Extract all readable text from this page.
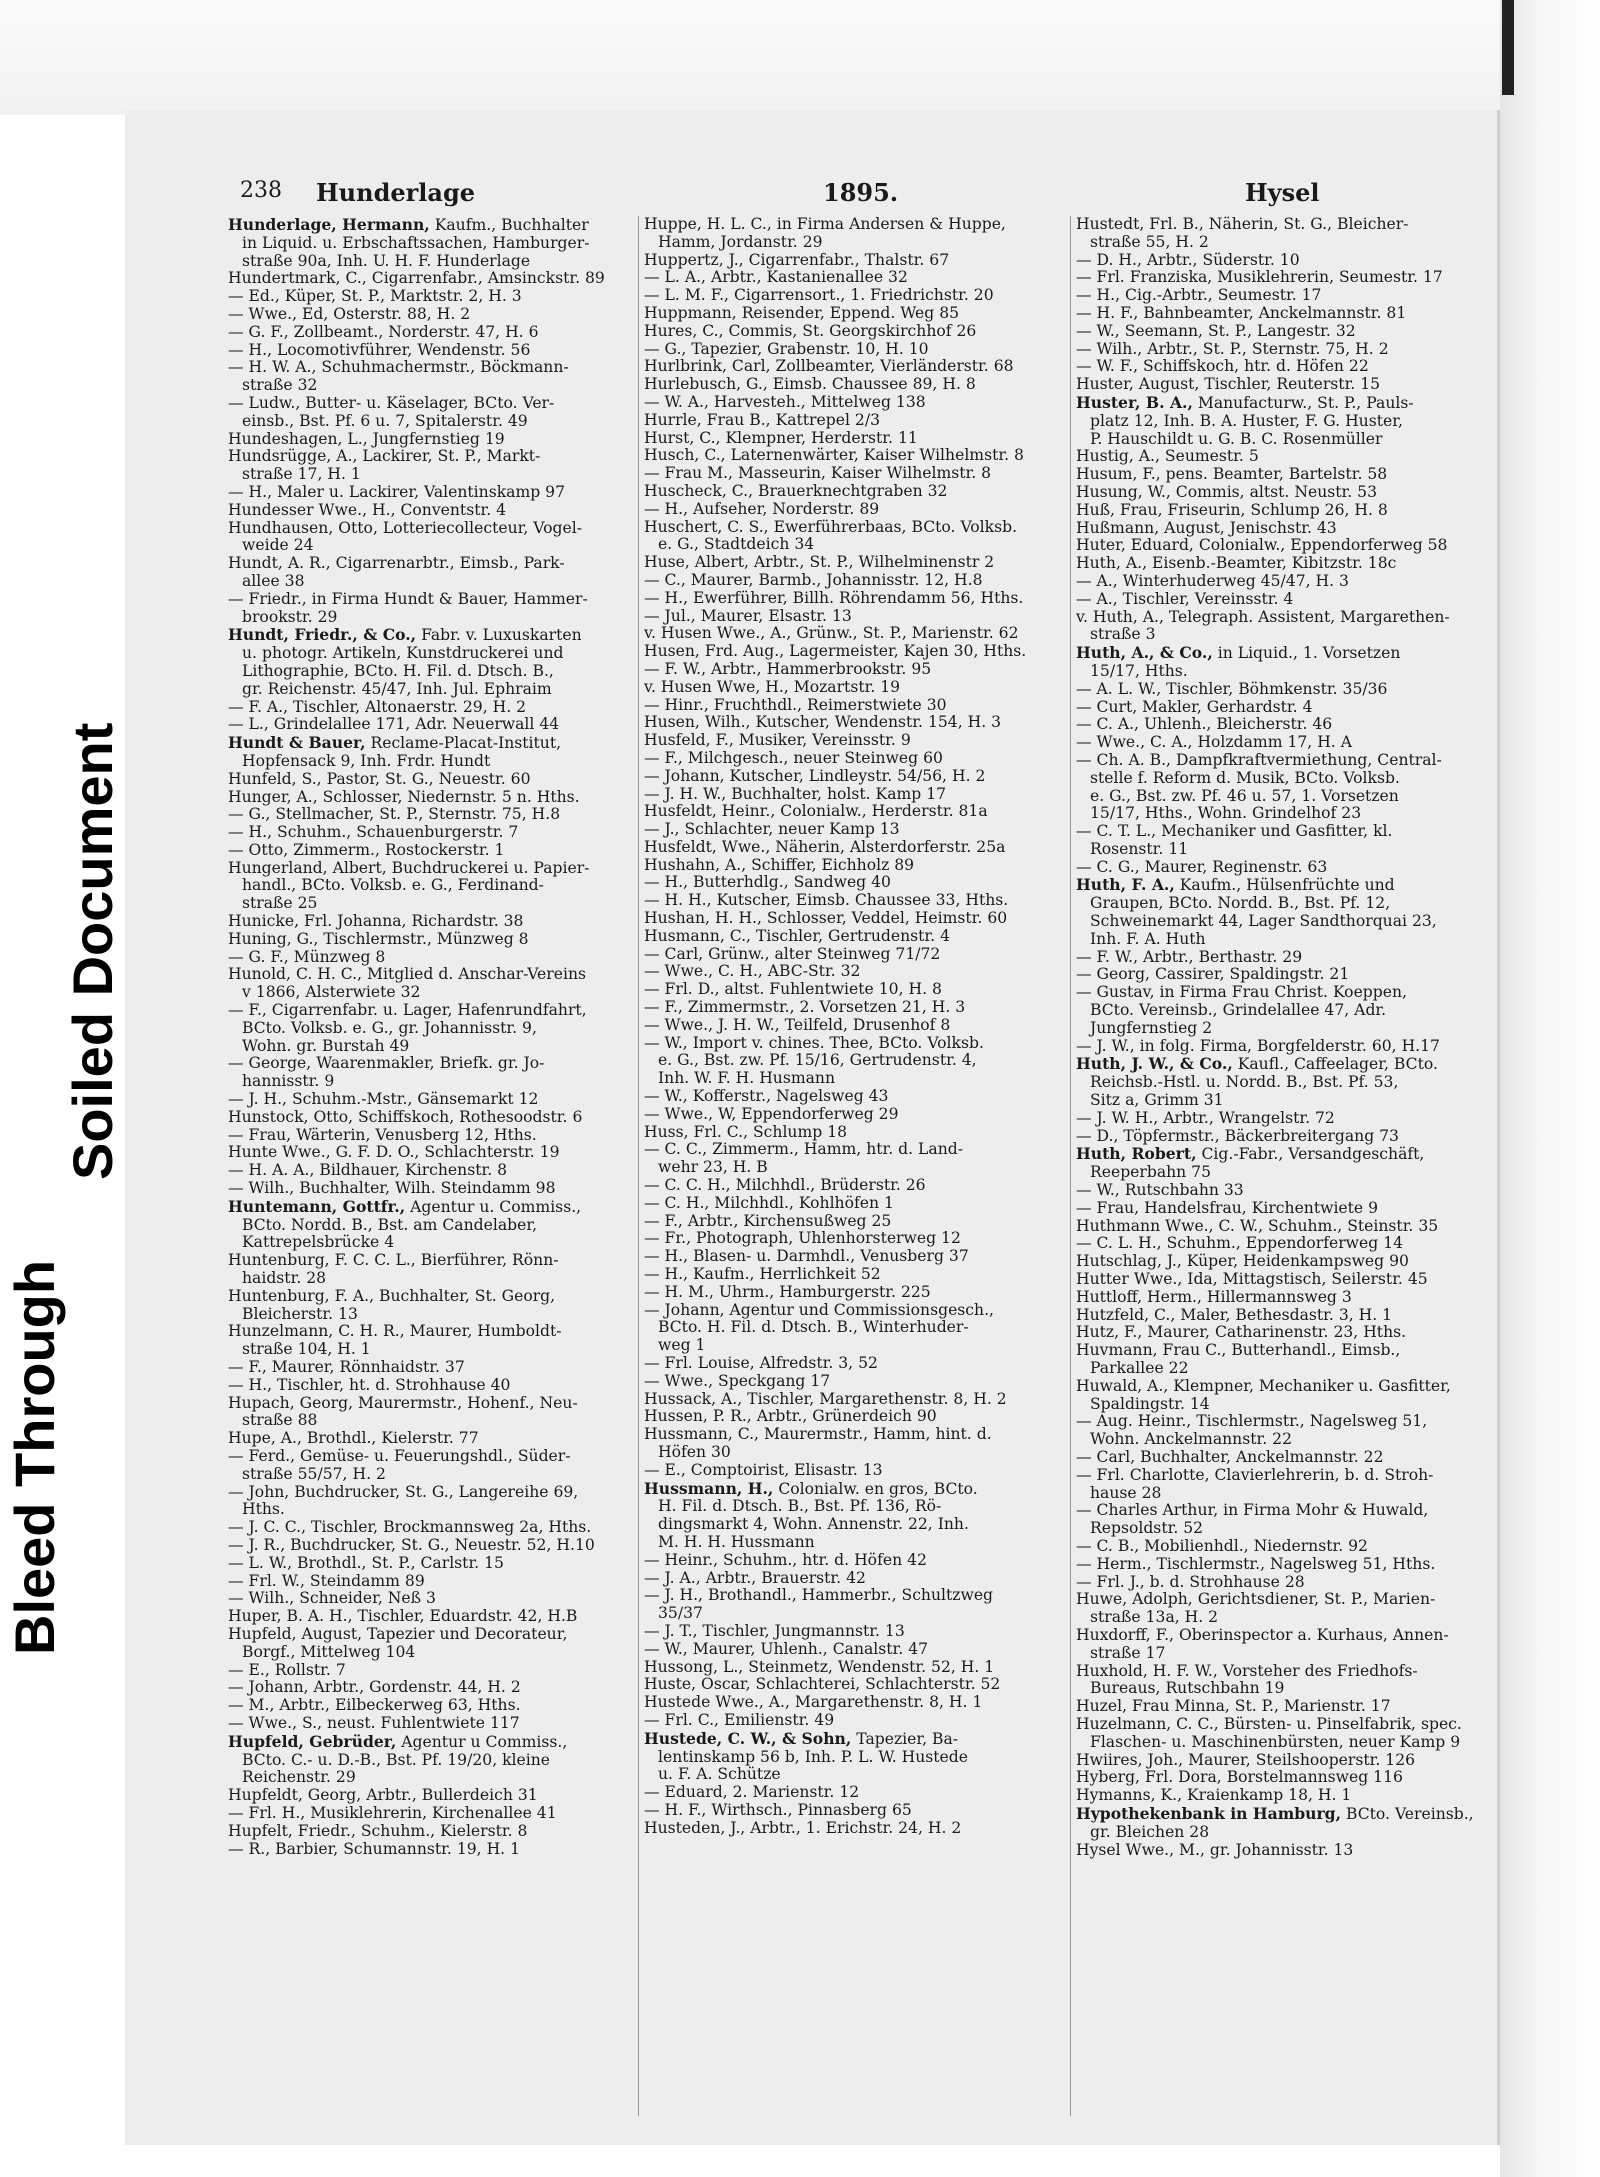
Bleed Through
Soiled Document
238 Hunderlage	1895.	Hysel

Hunderlage, Hermann, Kaufm., Buchhalter

in Liquid. u. Erbschaftssachen, Hamburger-

straße 90a, Inh. U. H. F. Hunderlage

Hundertmark, C., Cigarrenfabr., Amsinckstr. 89

— Ed., Küper, St. P., Marktstr. 2, H. 3

— Wwe., Ed, Osterstr. 88, H. 2

— G. F., Zollbeamt., Norderstr. 47, H. 6

— H., Locomotivführer, Wendenstr. 56

— H. W. A., Schuhmachermstr., Böckmann-

straße 32

— Ludw., Butter- u. Käselager, BCto. Ver-

einsb., Bst. Pf. 6 u. 7, Spitalerstr. 49

Hundeshagen, L., Jungfernstieg 19

Hundsrügge, A., Lackirer, St. P., Markt-

straße 17, H. 1

— H., Maler u. Lackirer, Valentinskamp 97

Hundesser Wwe., H., Conventstr. 4

Hundhausen, Otto, Lotteriecollecteur, Vogel-

weide 24

Hundt, A. R., Cigarrenarbtr., Eimsb., Park-

allee 38

— Friedr., in Firma Hundt & Bauer, Hammer-

brookstr. 29

Hundt, Friedr., & Co., Fabr. v. Luxuskarten

u. photogr. Artikeln, Kunstdruckerei und

Lithographie, BCto. H. Fil. d. Dtsch. B.,

gr. Reichenstr. 45/47, Inh. Jul. Ephraim

— F. A., Tischler, Altonaerstr. 29, H. 2

— L., Grindelallee 171, Adr. Neuerwall 44

Hundt & Bauer, Reclame-Placat-Institut,

Hopfensack 9, Inh. Frdr. Hundt

Hunfeld, S., Pastor, St. G., Neuestr. 60

Hunger, A., Schlosser, Niedernstr. 5 n. Hths.

— G., Stellmacher, St. P., Sternstr. 75, H.8

— H., Schuhm., Schauenburgerstr. 7

— Otto, Zimmerm., Rostockerstr. 1

Hungerland, Albert, Buchdruckerei u. Papier-

handl., BCto. Volksb. e. G., Ferdinand-

straße 25

Hunicke, Frl. Johanna, Richardstr. 38

Huning, G., Tischlermstr., Münzweg 8

— G. F., Münzweg 8

Hunold, C. H. C., Mitglied d. Anschar-Vereins

v 1866, Alsterwiete 32

— F., Cigarrenfabr. u. Lager, Hafenrundfahrt,

BCto. Volksb. e. G., gr. Johannisstr. 9,

Wohn. gr. Burstah 49

— George, Waarenmakler, Briefk. gr. Jo-

hannisstr. 9

— J. H., Schuhm.-Mstr., Gänsemarkt 12

Hunstock, Otto, Schiffskoch, Rothesoodstr. 6

— Frau, Wärterin, Venusberg 12, Hths.

Hunte Wwe., G. F. D. O., Schlachterstr. 19

— H. A. A., Bildhauer, Kirchenstr. 8

— Wilh., Buchhalter, Wilh. Steindamm 98

Huntemann, Gottfr., Agentur u. Commiss.,

BCto. Nordd. B., Bst. am Candelaber,

Kattrepelsbrücke 4

Huntenburg, F. C. C. L., Bierführer, Rönn-

haidstr. 28

Huntenburg, F. A., Buchhalter, St. Georg,

Bleicherstr. 13

Hunzelmann, C. H. R., Maurer, Humboldt-

straße 104, H. 1

— F., Maurer, Rönnhaidstr. 37

— H., Tischler, ht. d. Strohhause 40

Hupach, Georg, Maurermstr., Hohenf., Neu-

straße 88

Hupe, A., Brothdl., Kielerstr. 77

— Ferd., Gemüse- u. Feuerungshdl., Süder-

straße 55/57, H. 2

— John, Buchdrucker, St. G., Langereihe 69,

Hths.

— J. C. C., Tischler, Brockmannsweg 2a, Hths.

— J. R., Buchdrucker, St. G., Neuestr. 52, H.10

— L. W., Brothdl., St. P., Carlstr. 15

— Frl. W., Steindamm 89

— Wilh., Schneider, Neß 3

Huper, B. A. H., Tischler, Eduardstr. 42, H.B

Hupfeld, August, Tapezier und Decorateur,

Borgf., Mittelweg 104

— E., Rollstr. 7

— Johann, Arbtr., Gordenstr. 44, H. 2

— M., Arbtr., Eilbeckerweg 63, Hths.

— Wwe., S., neust. Fuhlentwiete 117

Hupfeld, Gebrüder, Agentur u Commiss.,

BCto. C.- u. D.-B., Bst. Pf. 19/20, kleine

Reichenstr. 29

Hupfeldt, Georg, Arbtr., Bullerdeich 31

— Frl. H., Musiklehrerin, Kirchenallee 41

Hupfelt, Friedr., Schuhm., Kielerstr. 8

— R., Barbier, Schumannstr. 19, H. 1

Huppe, H. L. C., in Firma Andersen & Huppe,

Hamm, Jordanstr. 29

Huppertz, J., Cigarrenfabr., Thalstr. 67

— L. A., Arbtr., Kastanienallee 32

— L. M. F., Cigarrensort., 1. Friedrichstr. 20

Huppmann, Reisender, Eppend. Weg 85

Hures, C., Commis, St. Georgskirchhof 26

— G., Tapezier, Grabenstr. 10, H. 10

Hurlbrink, Carl, Zollbeamter, Vierländerstr. 68

Hurlebusch, G., Eimsb. Chaussee 89, H. 8

— W. A., Harvesteh., Mittelweg 138

Hurrle, Frau B., Kattrepel 2/3

Hurst, C., Klempner, Herderstr. 11

Husch, C., Laternenwärter, Kaiser Wilhelmstr. 8

— Frau M., Masseurin, Kaiser Wilhelmstr. 8

Huscheck, C., Brauerknechtgraben 32

— H., Aufseher, Norderstr. 89

Huschert, C. S., Ewerführerbaas, BCto. Volksb.

e. G., Stadtdeich 34

Huse, Albert, Arbtr., St. P., Wilhelminenstr 2

— C., Maurer, Barmb., Johannisstr. 12, H.8

— H., Ewerführer, Billh. Röhrendamm 56, Hths.

— Jul., Maurer, Elsastr. 13

v. Husen Wwe., A., Grünw., St. P., Marienstr. 62

Husen, Frd. Aug., Lagermeister, Kajen 30, Hths.

— F. W., Arbtr., Hammerbrookstr. 95

v. Husen Wwe, H., Mozartstr. 19

— Hinr., Fruchthdl., Reimerstwiete 30

Husen, Wilh., Kutscher, Wendenstr. 154, H. 3

Husfeld, F., Musiker, Vereinsstr. 9

— F., Milchgesch., neuer Steinweg 60

— Johann, Kutscher, Lindleystr. 54/56, H. 2

— J. H. W., Buchhalter, holst. Kamp 17

Husfeldt, Heinr., Colonialw., Herderstr. 81a

— J., Schlachter, neuer Kamp 13

Husfeldt, Wwe., Näherin, Alsterdorferstr. 25a

Hushahn, A., Schiffer, Eichholz 89

— H., Butterhdlg., Sandweg 40

— H. H., Kutscher, Eimsb. Chaussee 33, Hths.

Hushan, H. H., Schlosser, Veddel, Heimstr. 60

Husmann, C., Tischler, Gertrudenstr. 4

— Carl, Grünw., alter Steinweg 71/72

— Wwe., C. H., ABC-Str. 32

— Frl. D., altst. Fuhlentwiete 10, H. 8

— F., Zimmermstr., 2. Vorsetzen 21, H. 3

— Wwe., J. H. W., Teilfeld, Drusenhof 8

— W., Import v. chines. Thee, BCto. Volksb.

e. G., Bst. zw. Pf. 15/16, Gertrudenstr. 4,

Inh. W. F. H. Husmann

— W., Kofferstr., Nagelsweg 43

— Wwe., W, Eppendorferweg 29

Huss, Frl. C., Schlump 18

— C. C., Zimmerm., Hamm, htr. d. Land-

wehr 23, H. B

— C. C. H., Milchhdl., Brüderstr. 26

— C. H., Milchhdl., Kohlhöfen 1

— F., Arbtr., Kirchensußweg 25

— Fr., Photograph, Uhlenhorsterweg 12

— H., Blasen- u. Darmhdl., Venusberg 37

— H., Kaufm., Herrlichkeit 52

— H. M., Uhrm., Hamburgerstr. 225

— Johann, Agentur und Commissionsgesch.,

BCto. H. Fil. d. Dtsch. B., Winterhuder-

weg 1

— Frl. Louise, Alfredstr. 3, 52

— Wwe., Speckgang 17

Hussack, A., Tischler, Margarethenstr. 8, H. 2

Hussen, P. R., Arbtr., Grünerdeich 90

Hussmann, C., Maurermstr., Hamm, hint. d.

Höfen 30

— E., Comptoirist, Elisastr. 13

Hussmann, H., Colonialw. en gros, BCto.

H. Fil. d. Dtsch. B., Bst. Pf. 136, Rö-

dingsmarkt 4, Wohn. Annenstr. 22, Inh.

M. H. H. Hussmann

— Heinr., Schuhm., htr. d. Höfen 42

— J. A., Arbtr., Brauerstr. 42

— J. H., Brothandl., Hammerbr., Schultzweg

35/37

— J. T., Tischler, Jungmannstr. 13

— W., Maurer, Uhlenh., Canalstr. 47

Hussong, L., Steinmetz, Wendenstr. 52, H. 1

Huste, Oscar, Schlachterei, Schlachterstr. 52

Hustede Wwe., A., Margarethenstr. 8, H. 1

— Frl. C., Emilienstr. 49

Hustede, C. W., & Sohn, Tapezier, Ba-

lentinskamp 56 b, Inh. P. L. W. Hustede

u. F. A. Schütze

— Eduard, 2. Marienstr. 12

— H. F., Wirthsch., Pinnasberg 65

Husteden, J., Arbtr., 1. Erichstr. 24, H. 2

Hustedt, Frl. B., Näherin, St. G., Bleicher-

straße 55, H. 2

— D. H., Arbtr., Süderstr. 10

— Frl. Franziska, Musiklehrerin, Seumestr. 17

— H., Cig.-Arbtr., Seumestr. 17

— H. F., Bahnbeamter, Anckelmannstr. 81

— W., Seemann, St. P., Langestr. 32

— Wilh., Arbtr., St. P., Sternstr. 75, H. 2

— W. F., Schiffskoch, htr. d. Höfen 22

Huster, August, Tischler, Reuterstr. 15

Huster, B. A., Manufacturw., St. P., Pauls-

platz 12, Inh. B. A. Huster, F. G. Huster,

P. Hauschildt u. G. B. C. Rosenmüller

Hustig, A., Seumestr. 5

Husum, F., pens. Beamter, Bartelstr. 58

Husung, W., Commis, altst. Neustr. 53

Huß, Frau, Friseurin, Schlump 26, H. 8

Hußmann, August, Jenischstr. 43

Huter, Eduard, Colonialw., Eppendorferweg 58

Huth, A., Eisenb.-Beamter, Kibitzstr. 18c

— A., Winterhuderweg 45/47, H. 3

— A., Tischler, Vereinsstr. 4

v. Huth, A., Telegraph. Assistent, Margarethen-

straße 3

Huth, A., & Co., in Liquid., 1. Vorsetzen

15/17, Hths.

— A. L. W., Tischler, Böhmkenstr. 35/36

— Curt, Makler, Gerhardstr. 4

— C. A., Uhlenh., Bleicherstr. 46

— Wwe., C. A., Holzdamm 17, H. A

— Ch. A. B., Dampfkraftvermiethung, Central-

stelle f. Reform d. Musik, BCto. Volksb.

e. G., Bst. zw. Pf. 46 u. 57, 1. Vorsetzen

15/17, Hths., Wohn. Grindelhof 23

— C. T. L., Mechaniker und Gasfitter, kl.

Rosenstr. 11

— C. G., Maurer, Reginenstr. 63

Huth, F. A., Kaufm., Hülsenfrüchte und

Graupen, BCto. Nordd. B., Bst. Pf. 12,

Schweinemarkt 44, Lager Sandthorquai 23,

Inh. F. A. Huth

— F. W., Arbtr., Berthastr. 29

— Georg, Cassirer, Spaldingstr. 21

— Gustav, in Firma Frau Christ. Koeppen,

BCto. Vereinsb., Grindelallee 47, Adr.

Jungfernstieg 2

— J. W., in folg. Firma, Borgfelderstr. 60, H.17

Huth, J. W., & Co., Kaufl., Caffeelager, BCto.

Reichsb.-Hstl. u. Nordd. B., Bst. Pf. 53,

Sitz a, Grimm 31

— J. W. H., Arbtr., Wrangelstr. 72

— D., Töpfermstr., Bäckerbreitergang 73

Huth, Robert, Cig.-Fabr., Versandgeschäft,

Reeperbahn 75

— W., Rutschbahn 33

— Frau, Handelsfrau, Kirchentwiete 9

Huthmann Wwe., C. W., Schuhm., Steinstr. 35

— C. L. H., Schuhm., Eppendorferweg 14

Hutschlag, J., Küper, Heidenkampsweg 90

Hutter Wwe., Ida, Mittagstisch, Seilerstr. 45

Huttloff, Herm., Hillermannsweg 3

Hutzfeld, C., Maler, Bethesdastr. 3, H. 1

Hutz, F., Maurer, Catharinenstr. 23, Hths.

Huvmann, Frau C., Butterhandl., Eimsb.,

Parkallee 22

Huwald, A., Klempner, Mechaniker u. Gasfitter,

Spaldingstr. 14

— Aug. Heinr., Tischlermstr., Nagelsweg 51,

Wohn. Anckelmannstr. 22

— Carl, Buchhalter, Anckelmannstr. 22

— Frl. Charlotte, Clavierlehrerin, b. d. Stroh-

hause 28

— Charles Arthur, in Firma Mohr & Huwald,

Repsoldstr. 52

— C. B., Mobilienhdl., Niedernstr. 92

— Herm., Tischlermstr., Nagelsweg 51, Hths.

— Frl. J., b. d. Strohhause 28

Huwe, Adolph, Gerichtsdiener, St. P., Marien-

straße 13a, H. 2

Huxdorff, F., Oberinspector a. Kurhaus, Annen-

straße 17

Huxhold, H. F. W., Vorsteher des Friedhofs-

Bureaus, Rutschbahn 19

Huzel, Frau Minna, St. P., Marienstr. 17

Huzelmann, C. C., Bürsten- u. Pinselfabrik, spec.

Flaschen- u. Maschinenbürsten, neuer Kamp 9

Hwiires, Joh., Maurer, Steilshooperstr. 126

Hyberg, Frl. Dora, Borstelmannsweg 116

Hymanns, K., Kraienkamp 18, H. 1

Hypothekenbank in Hamburg, BCto. Vereinsb.,

gr. Bleichen 28

Hysel Wwe., M., gr. Johannisstr. 13
